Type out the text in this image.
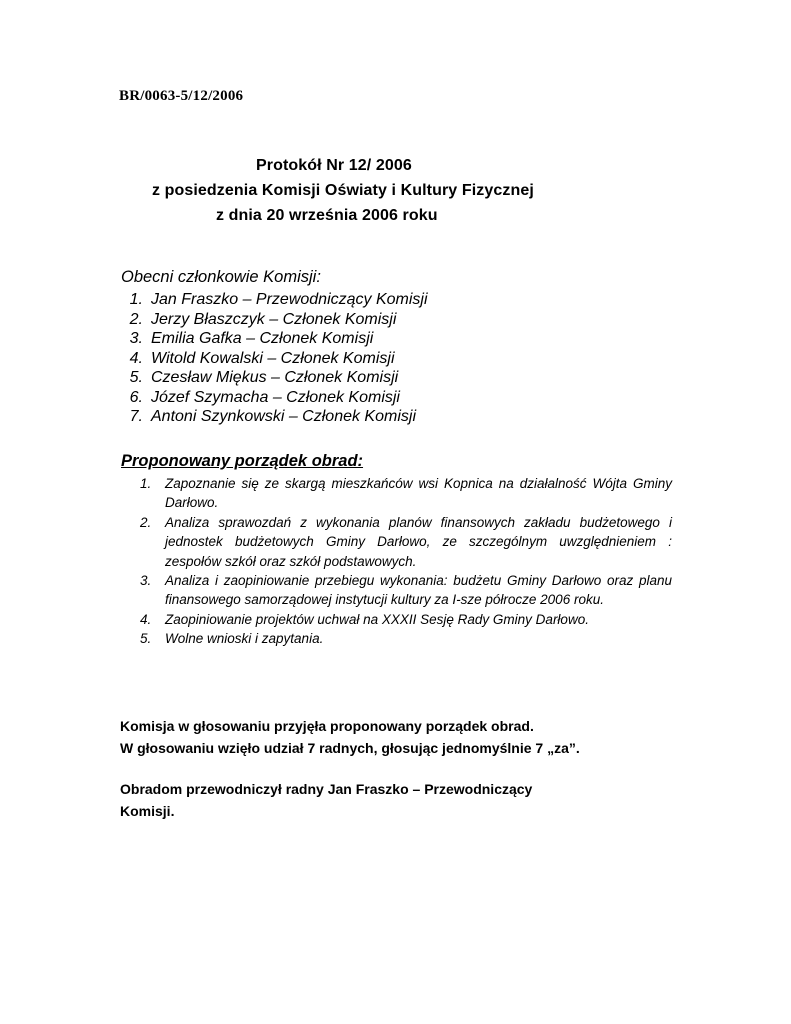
BR/0063-5/12/2006
Protokół Nr 12/ 2006
z posiedzenia Komisji Oświaty i Kultury Fizycznej
z dnia 20 września 2006 roku
Obecni członkowie Komisji:
1. Jan Fraszko – Przewodniczący Komisji
2. Jerzy Błaszczyk – Członek Komisji
3. Emilia Gafka – Członek Komisji
4. Witold Kowalski – Członek Komisji
5. Czesław Miękus – Członek Komisji
6. Józef Szymacha – Członek Komisji
7. Antoni Szynkowski – Członek Komisji
Proponowany porządek obrad:
1. Zapoznanie się ze skargą mieszkańców wsi Kopnica na działalność Wójta Gminy Darłowo.
2. Analiza sprawozdań z wykonania planów finansowych zakładu budżetowego i jednostek budżetowych Gminy Darłowo, ze szczególnym uwzględnieniem : zespołów szkół oraz szkół podstawowych.
3. Analiza i zaopiniowanie przebiegu wykonania: budżetu Gminy Darłowo oraz planu finansowego samorządowej instytucji kultury za I-sze półrocze 2006 roku.
4. Zaopiniowanie projektów uchwał na XXXII Sesję Rady Gminy Darłowo.
5. Wolne wnioski i zapytania.
Komisja w głosowaniu przyjęła proponowany porządek obrad.
W głosowaniu wzięło udział 7 radnych, głosując jednomyślnie 7 „za”.
Obradom przewodniczył radny Jan Fraszko – Przewodniczący
Komisji.
